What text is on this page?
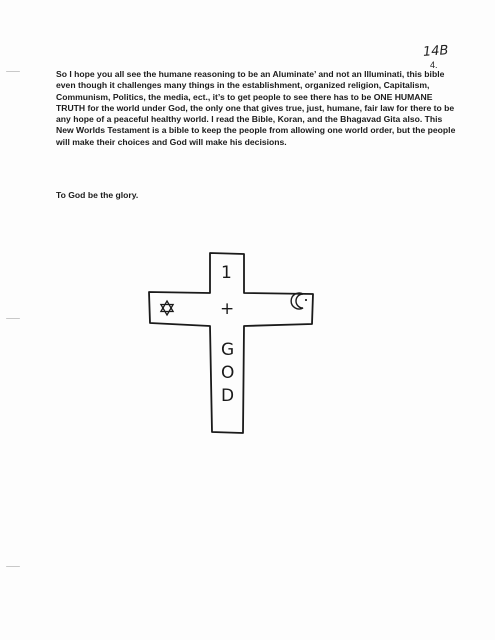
14B
4.

So I hope you all see the humane reasoning to be an Aluminate’ and not an Illuminati, this bible even though it challenges many things in the establishment, organized religion, Capitalism, Communism, Politics, the media, ect., it’s to get people to see there has to be ONE HUMANE TRUTH for the world under God, the only one that gives true, just, humane, fair law for there to be any hope of a peaceful healthy world. I read the Bible, Koran, and the Bhagavad Gita also. This New Worlds Testament is a bible to keep the people from allowing one world order, but the people will make their choices and God will make his decisions.

To God be the glory.

1
+
G
O
D
